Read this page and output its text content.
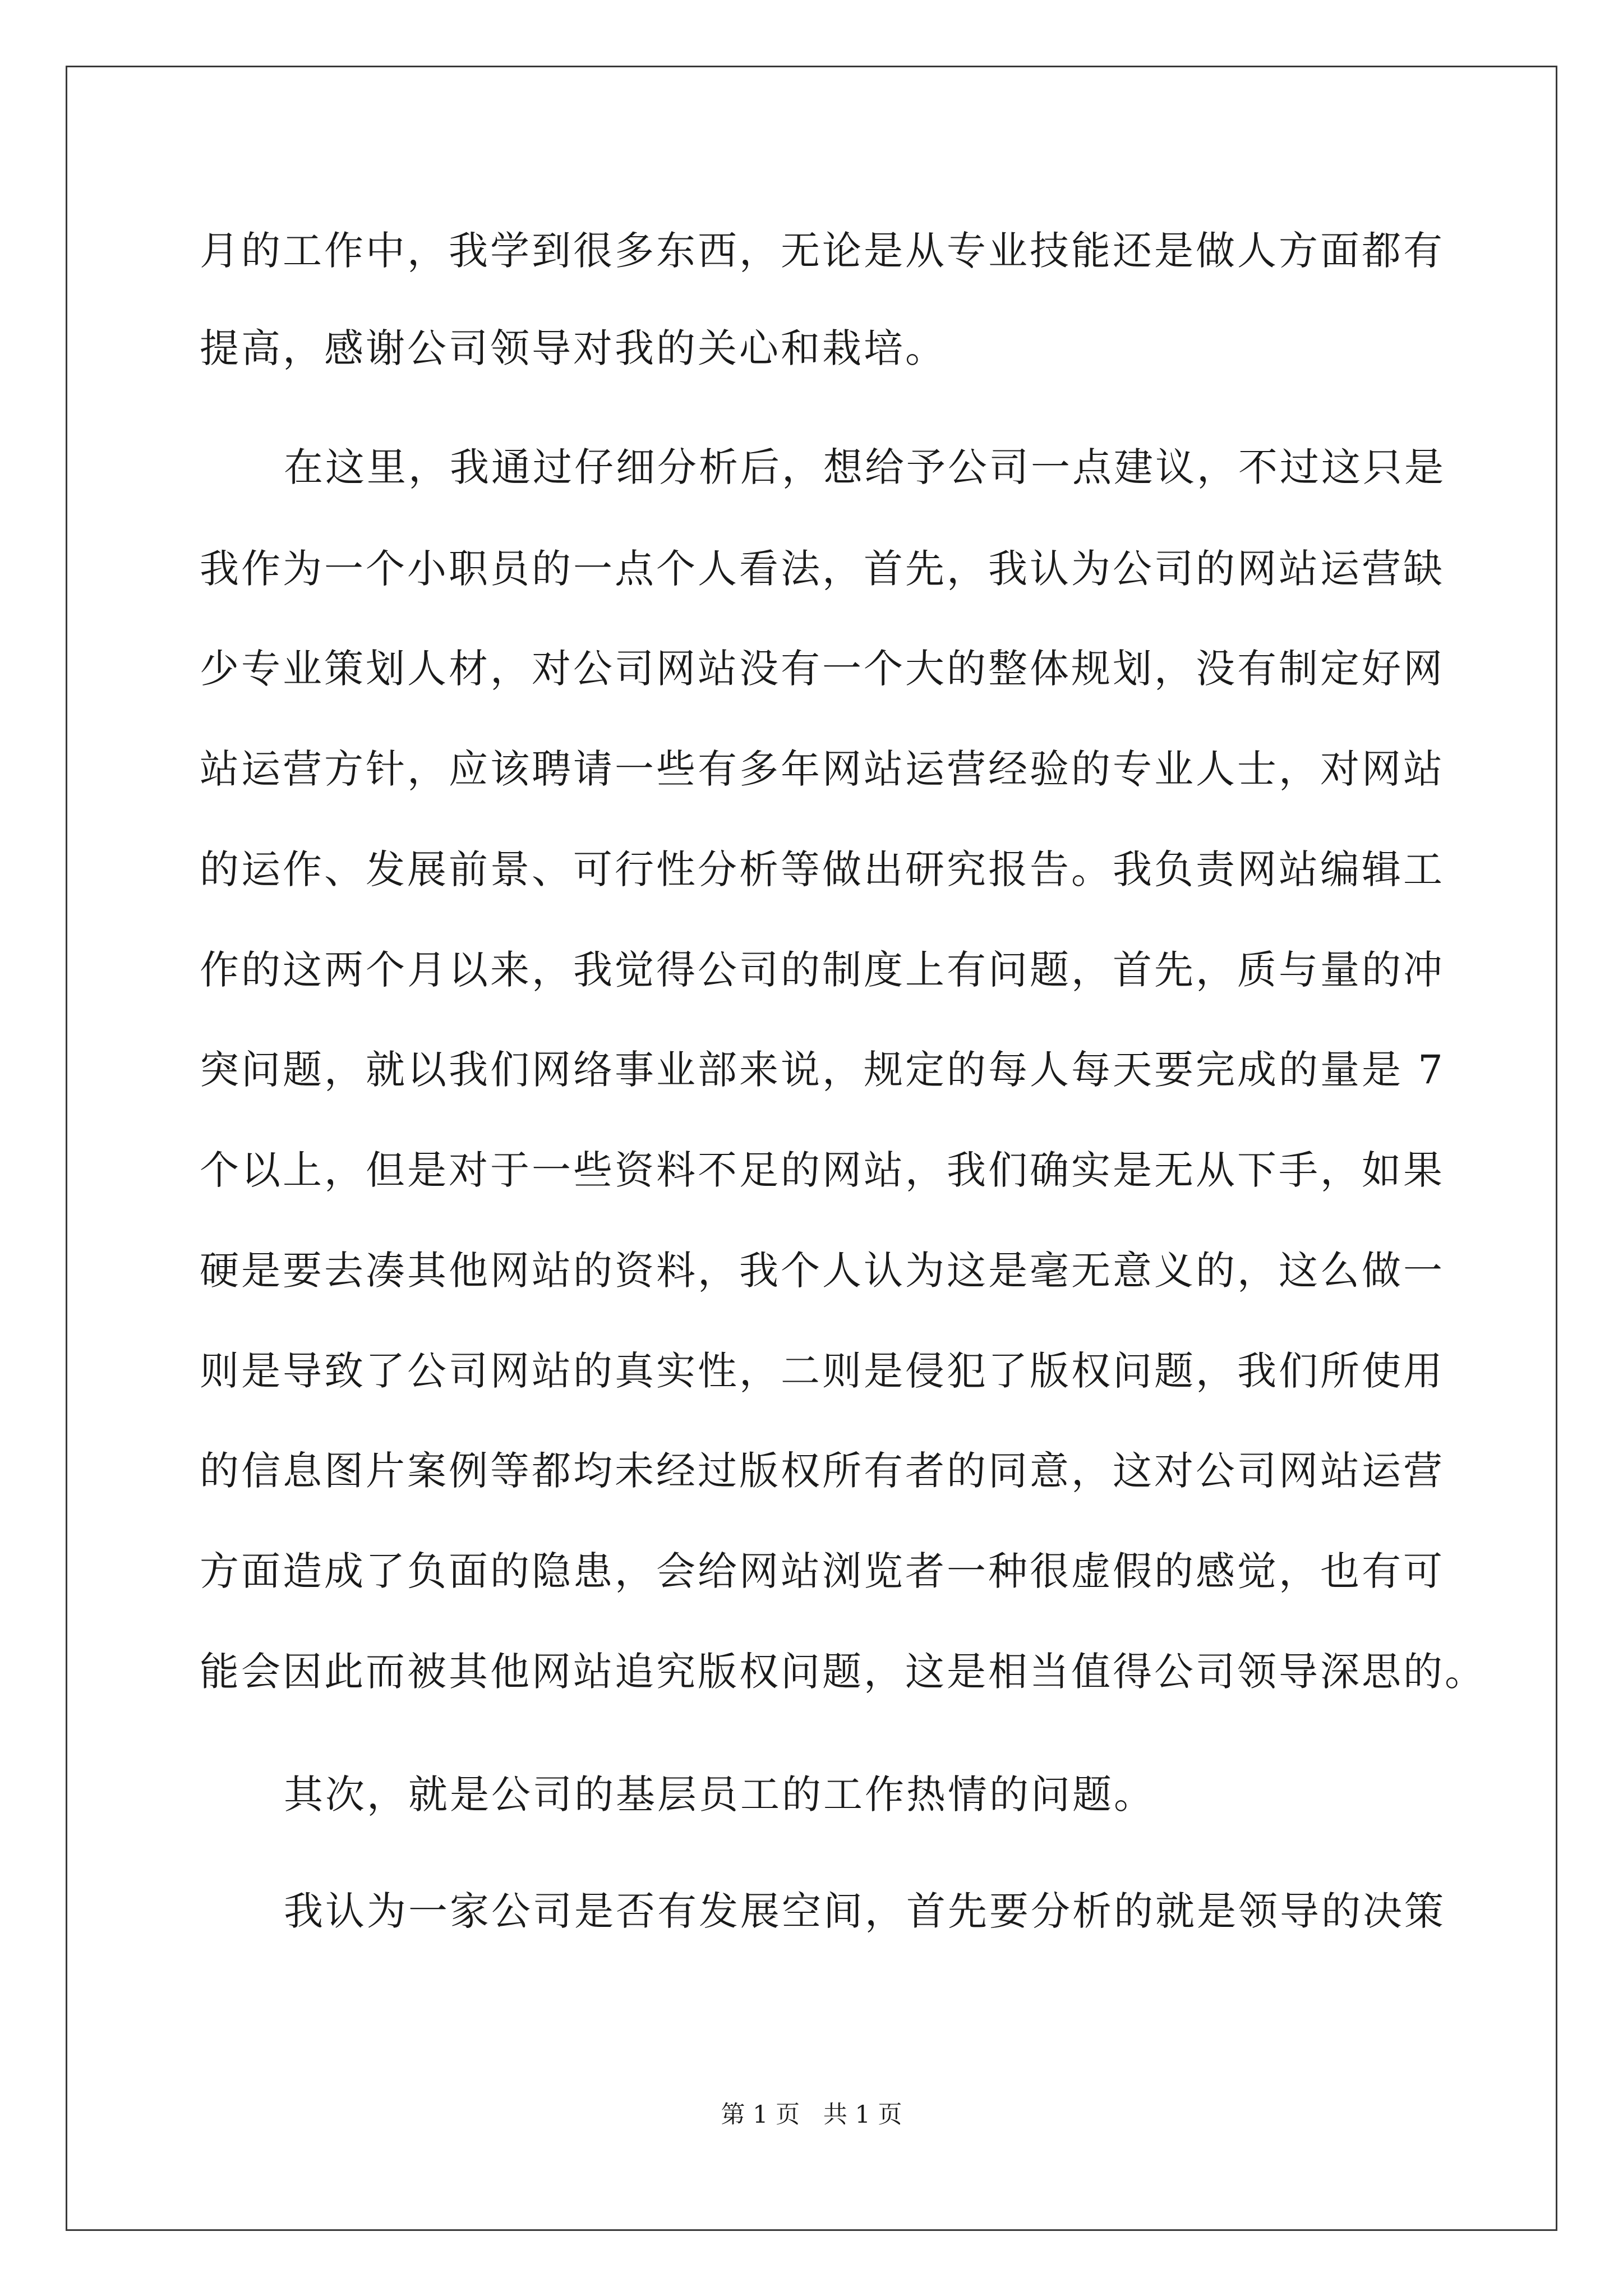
月的工作中，我学到很多东西，无论是从专业技能还是做人方面都有
提高，感谢公司领导对我的关心和栽培。
在这里，我通过仔细分析后，想给予公司一点建议，不过这只是
我作为一个小职员的一点个人看法，首先，我认为公司的网站运营缺
少专业策划人材，对公司网站没有一个大的整体规划，没有制定好网
站运营方针，应该聘请一些有多年网站运营经验的专业人士，对网站
的运作、发展前景、可行性分析等做出研究报告。我负责网站编辑工
作的这两个月以来，我觉得公司的制度上有问题，首先，质与量的冲
突问题，就以我们网络事业部来说，规定的每人每天要完成的量是 7
个以上，但是对于一些资料不足的网站，我们确实是无从下手，如果
硬是要去凑其他网站的资料，我个人认为这是毫无意义的，这么做一
则是导致了公司网站的真实性，二则是侵犯了版权问题，我们所使用
的信息图片案例等都均未经过版权所有者的同意，这对公司网站运营
方面造成了负面的隐患，会给网站浏览者一种很虚假的感觉，也有可
能会因此而被其他网站追究版权问题，这是相当值得公司领导深思的。
其次，就是公司的基层员工的工作热情的问题。
我认为一家公司是否有发展空间，首先要分析的就是领导的决策
第 1 页 共 1 页
